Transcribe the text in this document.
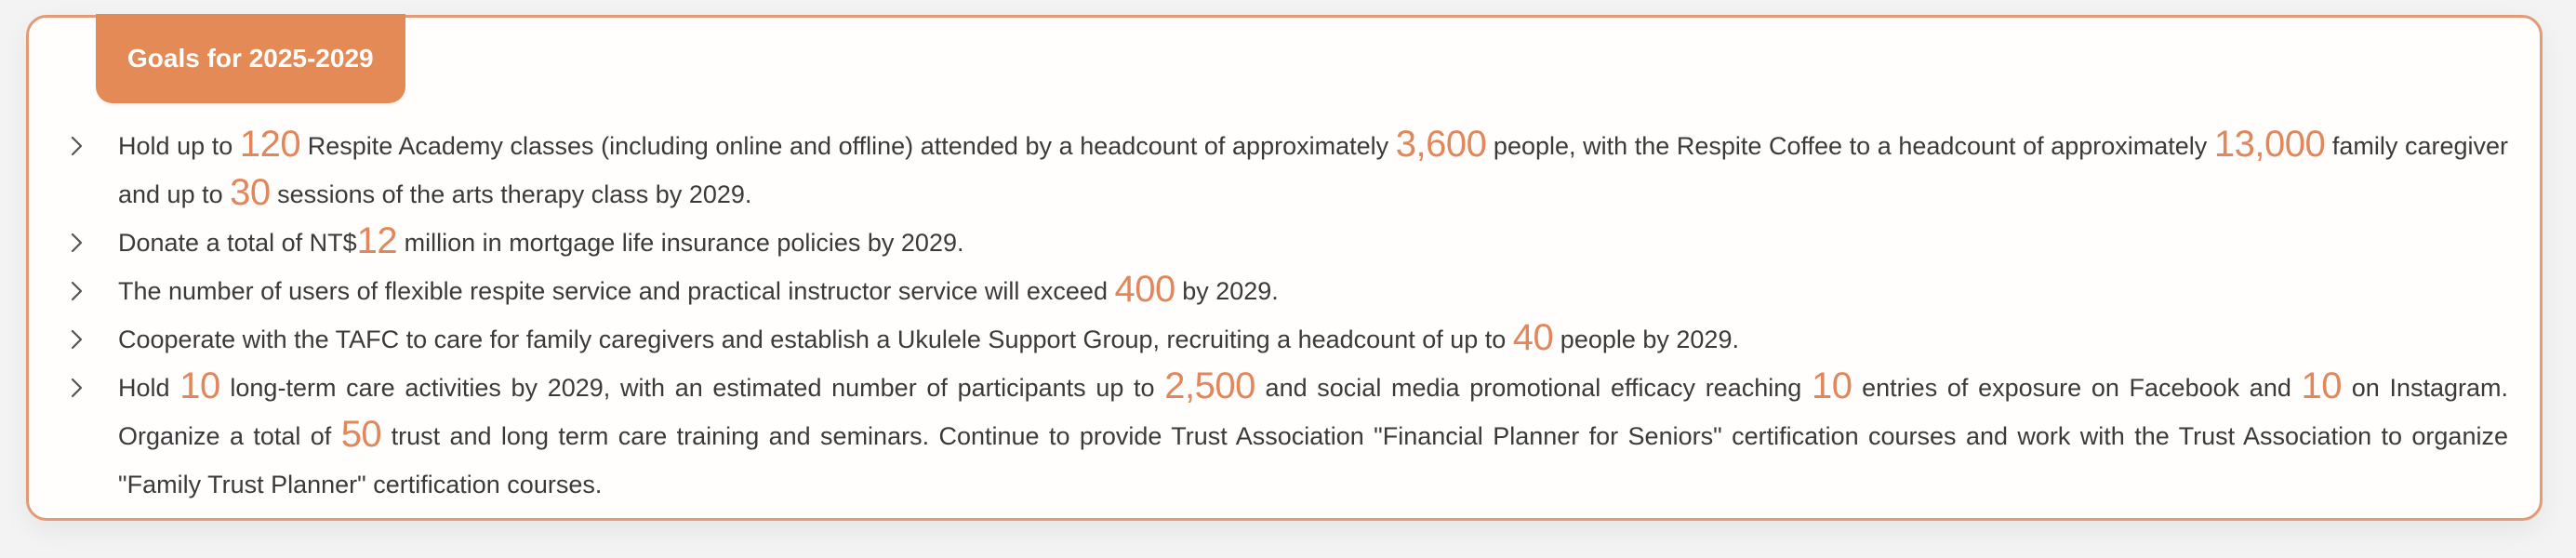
Goals for 2025-2029
Hold up to 120 Respite Academy classes (including online and offline) attended by a headcount of approximately 3,600 people, with the Respite Coffee to a headcount of approximately 13,000 family caregiver and up to 30 sessions of the arts therapy class by 2029.
Donate a total of NT$12 million in mortgage life insurance policies by 2029.
The number of users of flexible respite service and practical instructor service will exceed 400 by 2029.
Cooperate with the TAFC to care for family caregivers and establish a Ukulele Support Group, recruiting a headcount of up to 40 people by 2029.
Hold 10 long-term care activities by 2029, with an estimated number of participants up to 2,500 and social media promotional efficacy reaching 10 entries of exposure on Facebook and 10 on Instagram. Organize a total of 50 trust and long term care training and seminars. Continue to provide Trust Association "Financial Planner for Seniors" certification courses and work with the Trust Association to organize "Family Trust Planner" certification courses.
